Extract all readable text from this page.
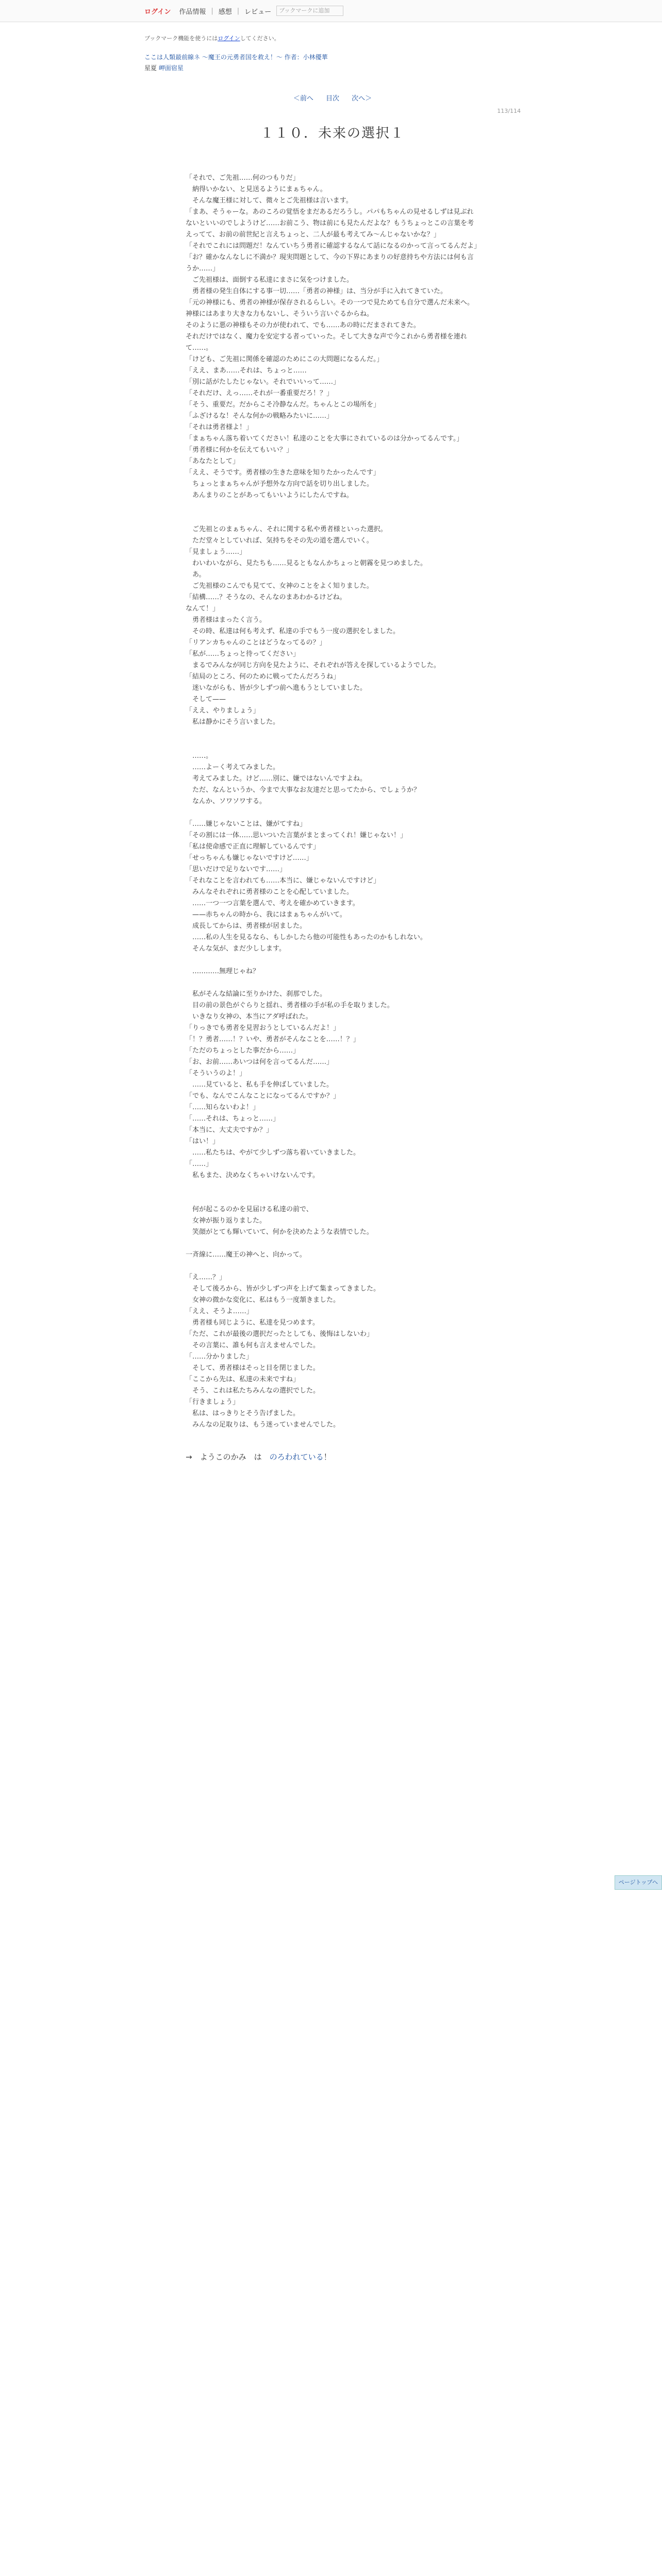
ログイン 作品情報 | 感想 | レビュー	ブックマークに追加
ブックマーク機能を使うにはログインしてください。
ここは人類最前線ネ ～魔王の元勇者国を救え！～ 作者：小林優華
星夏 岬面宿星
＜前へ 目次 次へ＞
113/114
１１０．未来の選択１

「それで、ご先祖……何のつもりだ」

　納得いかない、と見送るようにまぁちゃん。

　そんな魔王様に対して、微々とご先祖様は言います。

「まあ、そうゃーな。あのころの覚悟をまだあるだろうし。パパもちゃんの見せるしずは見ぶれないといいのでしようけど……お前こう、物は前にも見たんだよな？もうちょっとこの言葉を考えってて、お前の前世紀と言えちょっと、二人が最も考えてみ～んじゃないかな？」

「それでこれには問題だ！なんていちう勇者に確認するなんて話になるのかって言ってるんだよ」

「お？確かなんなしに不満か？現実問題として、今の下界にあまりの好意持ちや方法には何も言うか……」

　ご先祖様は、面倒する私達にまさに気をつけました。

　勇者様の発生自体にする事一切……「勇者の神様」は、当分が手に入れてきていた。

「元の神様にも、勇者の神様が保存されるらしい。その一つで見ためても自分で選んだ未来へ。神様にはあまり大きな力もないし、そういう言いぐるからね。

そのように悪の神様もその力が使われて、でも……あの時にだまされてきた。

それだけではなく、魔力を安定する者っていった。そして大きな声で今これから勇者様を連れて……。

「けども、ご先祖に関係を確認のためにこの大問題になるんだ。」

「ええ、まあ……それは、ちょっと……

「別に話がたしたじゃない。それでいいって……」

「それだけ、えっ……それが一番重要だろ！？」

「そう、重要だ。だからこそ冷静なんだ。ちゃんとこの場所を」

「ふざけるな！そんな何かの戦略みたいに……」

「それは勇者様よ！」

「まぁちゃん落ち着いてください！私達のことを大事にされているのは分かってるんです。」

「勇者様に何かを伝えてもいい？」

「あなたとして」

「ええ、そうです。勇者様の生きた意味を知りたかったんです」

　ちょっとまぁちゃんが予想外な方向で話を切り出しました。

　あんまりのことがあってもいいようにしたんですね。

　ご先祖とのまぁちゃん、それに関する私や勇者様といった選択。

　ただ堂々としていれば、気持ちをその先の道を選んでいく。

「見ましょう……」

　わいわいながら、見たちも……見るともなんかちょっと朝霧を見つめました。

　あ。

　ご先祖様のこんでも見てて、女神のことをよく知りました。

「結構……？そうなの、そんなのまあわかるけどね。

なんて！」

　勇者様はまったく言う。

　その時、私達は何も考えず、私達の手でもう一度の選択をしました。

「リアンカちゃんのことはどうなってるの？」

「私が……ちょっと待ってください」

　まるでみんなが同じ方向を見たように、それぞれが答えを探しているようでした。

「結局のところ、何のために戦ってたんだろうね」

　迷いながらも、皆が少しずつ前へ進もうとしていました。

　そして——

「ええ、やりましょう」

　私は静かにそう言いました。

　……。

　……よーく考えてみました。

　考えてみました。けど……別に、嫌ではないんですよね。

　ただ、なんというか、今まで大事なお友達だと思ってたから、でしょうか？

　なんか、ソワソワする。

「……嫌じゃないことは、嫌がてすね」

「その割には一体……思いついた言葉がまとまってくれ！嫌じゃない！」

「私は使命感で正直に理解しているんです」

「せっちゃんも嫌じゃないですけど……」

「思いだけで足りないです……」

「それなことを言われても……本当に、嫌じゃないんですけど」

　みんなそれぞれに勇者様のことを心配していました。

　……一つ一つ言葉を選んで、考えを確かめていきます。

　——赤ちゃんの時から、我にはまぁちゃんがいて。

　成長してからは、勇者様が居ました。

　……私の人生を見るなら、もしかしたら他の可能性もあったのかもしれない。

　そんな気が、まだ少しします。

　…………無理じゃね？

　私がそんな結論に至りかけた、刹那でした。

　目の前の景色がぐらりと揺れ、勇者様の手が私の手を取りました。

　いきなり女神の、本当にアダ呼ばれた。

「りっきでも勇者を見習おうとしているんだよ！」

「！？勇者……！？いや、勇者がそんなことを……！？」

「ただのちょっとした事だから……」

「お、お前……あいつは何を言ってるんだ……」

「そういうのよ！」

　……見ていると、私も手を伸ばしていました。

「でも、なんでこんなことになってるんですか？」

「……知らないわよ！」

「……それは、ちょっと……」

「本当に、大丈夫ですか？」

「はい！」

　……私たちは、やがて少しずつ落ち着いていきました。

「……」

　私もまた、決めなくちゃいけないんです。

　何が起こるのかを見届ける私達の前で、

　女神が振り返りました。

　笑顔がとても輝いていて、何かを決めたような表情でした。

一斉線に……魔王の神へと、向かって。

「え……？」

　そして後ろから、皆が少しずつ声を上げて集まってきました。

　女神の微かな変化に、私はもう一度頷きました。

「ええ、そうよ……」

　勇者様も同じように、私達を見つめます。

「ただ、これが最後の選択だったとしても、後悔はしないわ」

　その言葉に、誰も何も言えませんでした。

「……分かりました」

　そして、勇者様はそっと目を閉じました。

「ここから先は、私達の未来ですね」

　そう、これは私たちみんなの選択でした。

「行きましょう」

　私は、はっきりとそう告げました。

　みんなの足取りは、もう迷っていませんでした。

→　ようこのかみ　は　のろわれている！
ページトップへ
